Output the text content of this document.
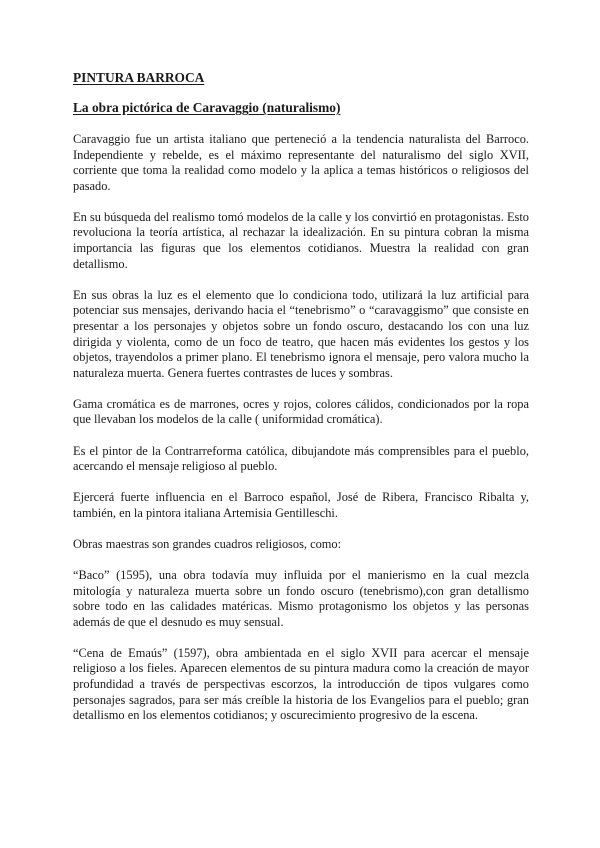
PINTURA BARROCA
La obra pictórica de Caravaggio (naturalismo)

Caravaggio fue un artista italiano que perteneció a la tendencia naturalista del Barroco. Independiente y rebelde, es el máximo representante del naturalismo del siglo XVII, corriente que toma la realidad como modelo y la aplica a temas históricos o religiosos del pasado.

En su búsqueda del realismo tomó modelos de la calle y los convirtió en protagonistas. Esto revoluciona la teoría artística, al rechazar la idealización. En su pintura cobran la misma importancia las figuras que los elementos cotidianos. Muestra la realidad con gran detallismo.

En sus obras la luz es el elemento que lo condiciona todo, utilizará la luz artificial para potenciar sus mensajes, derivando hacia el “tenebrismo” o “caravaggismo” que consiste en presentar a los personajes y objetos sobre un fondo oscuro, destacando los con una luz dirigida y violenta, como de un foco de teatro, que hacen más evidentes los gestos y los objetos, trayendolos a primer plano. El tenebrismo ignora el mensaje, pero valora mucho la naturaleza muerta. Genera fuertes contrastes de luces y sombras.

Gama cromática es de marrones, ocres y rojos, colores cálidos, condicionados por la ropa que llevaban los modelos de la calle ( uniformidad cromática).

Es el pintor de la Contrarreforma católica, dibujandote más comprensibles para el pueblo, acercando el mensaje religioso al pueblo.

Ejercerá fuerte influencia en el Barroco español, José de Ribera, Francisco Ribalta y, también, en la pintora italiana Artemisia Gentilleschi.

Obras maestras son grandes cuadros religiosos, como:

“Baco” (1595), una obra todavía muy influida por el manierismo en la cual mezcla mitología y naturaleza muerta sobre un fondo oscuro (tenebrismo),con gran detallismo sobre todo en las calidades matéricas. Mismo protagonismo los objetos y las personas además de que el desnudo es muy sensual.

“Cena de Emaús” (1597), obra ambientada en el siglo XVII para acercar el mensaje religioso a los fieles. Aparecen elementos de su pintura madura como la creación de mayor profundidad a través de perspectivas escorzos, la introducción de tipos vulgares como personajes sagrados, para ser más creíble la historia de los Evangelios para el pueblo; gran detallismo en los elementos cotidianos; y oscurecimiento progresivo de la escena.
